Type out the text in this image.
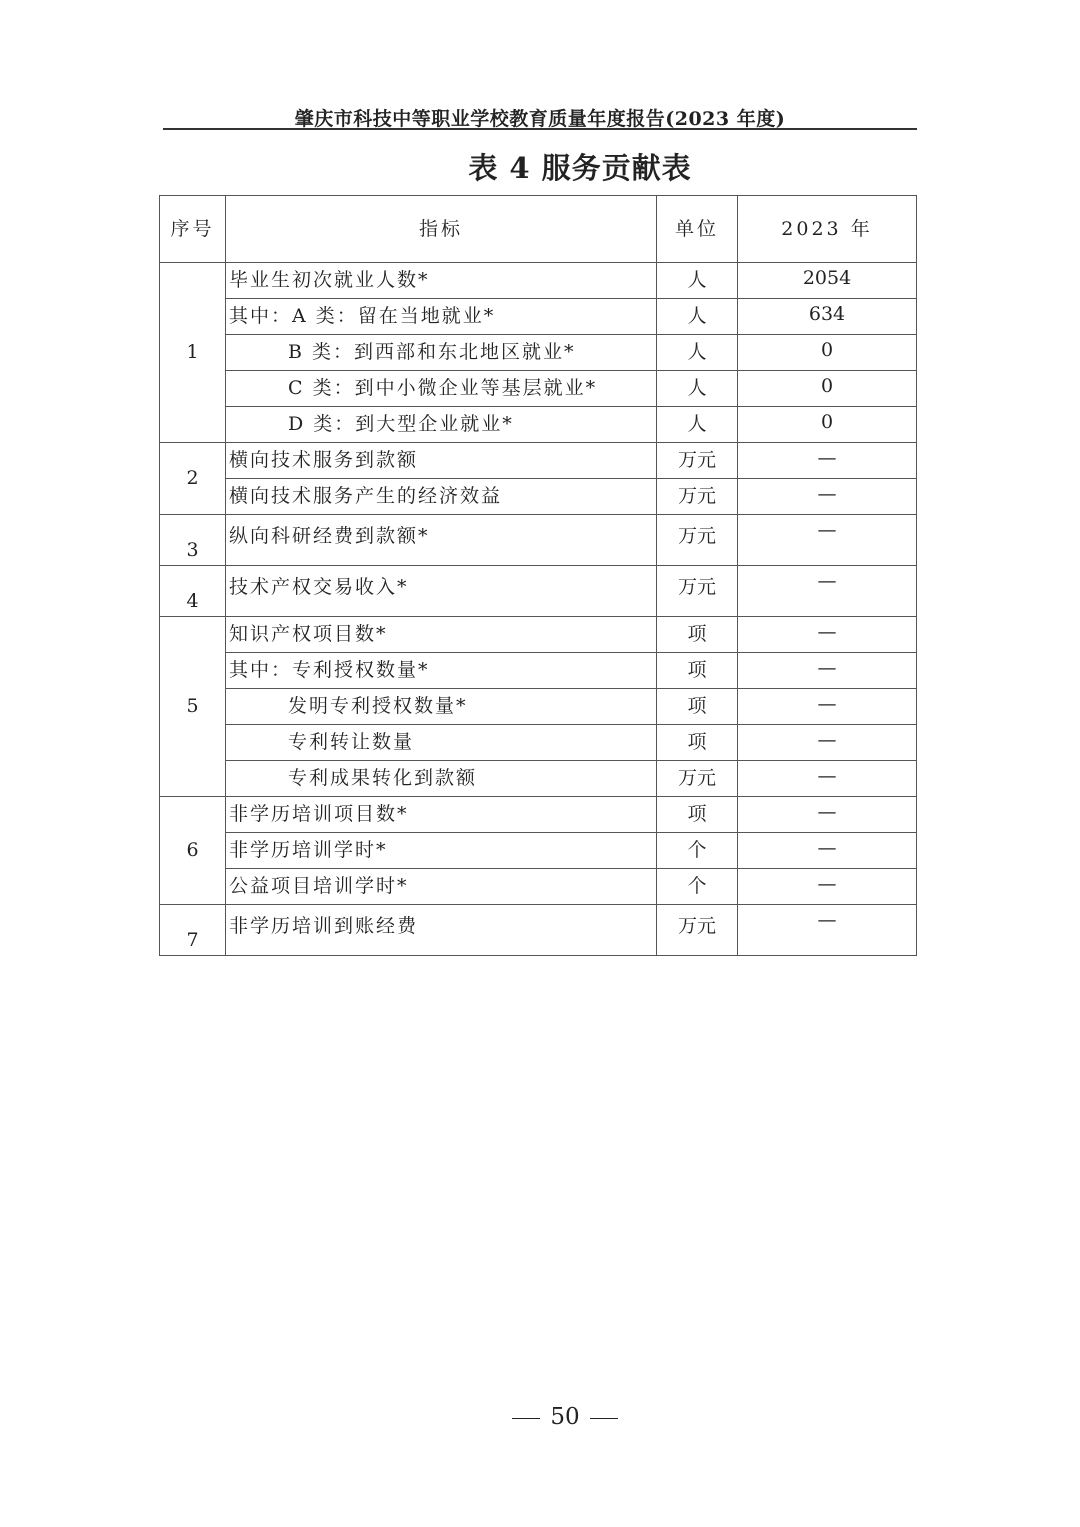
肇庆市科技中等职业学校教育质量年度报告(2023 年度)
表 4 服务贡献表
序号	指标	单位	2023 年
1	毕业生初次就业人数*	人	2054
	其中：A 类：留在当地就业*	人	634
	B 类：到西部和东北地区就业*	人	0
	C 类：到中小微企业等基层就业*	人	0
	D 类：到大型企业就业*	人	0
2	横向技术服务到款额	万元	—
	横向技术服务产生的经济效益	万元	—
3	纵向科研经费到款额*	万元	—
4	技术产权交易收入*	万元	—
5	知识产权项目数*	项	—
	其中：专利授权数量*	项	—
	发明专利授权数量*	项	—
	专利转让数量	项	—
	专利成果转化到款额	万元	—
6	非学历培训项目数*	项	—
	非学历培训学时*	个	—
	公益项目培训学时*	个	—
7	非学历培训到账经费	万元	—
50
